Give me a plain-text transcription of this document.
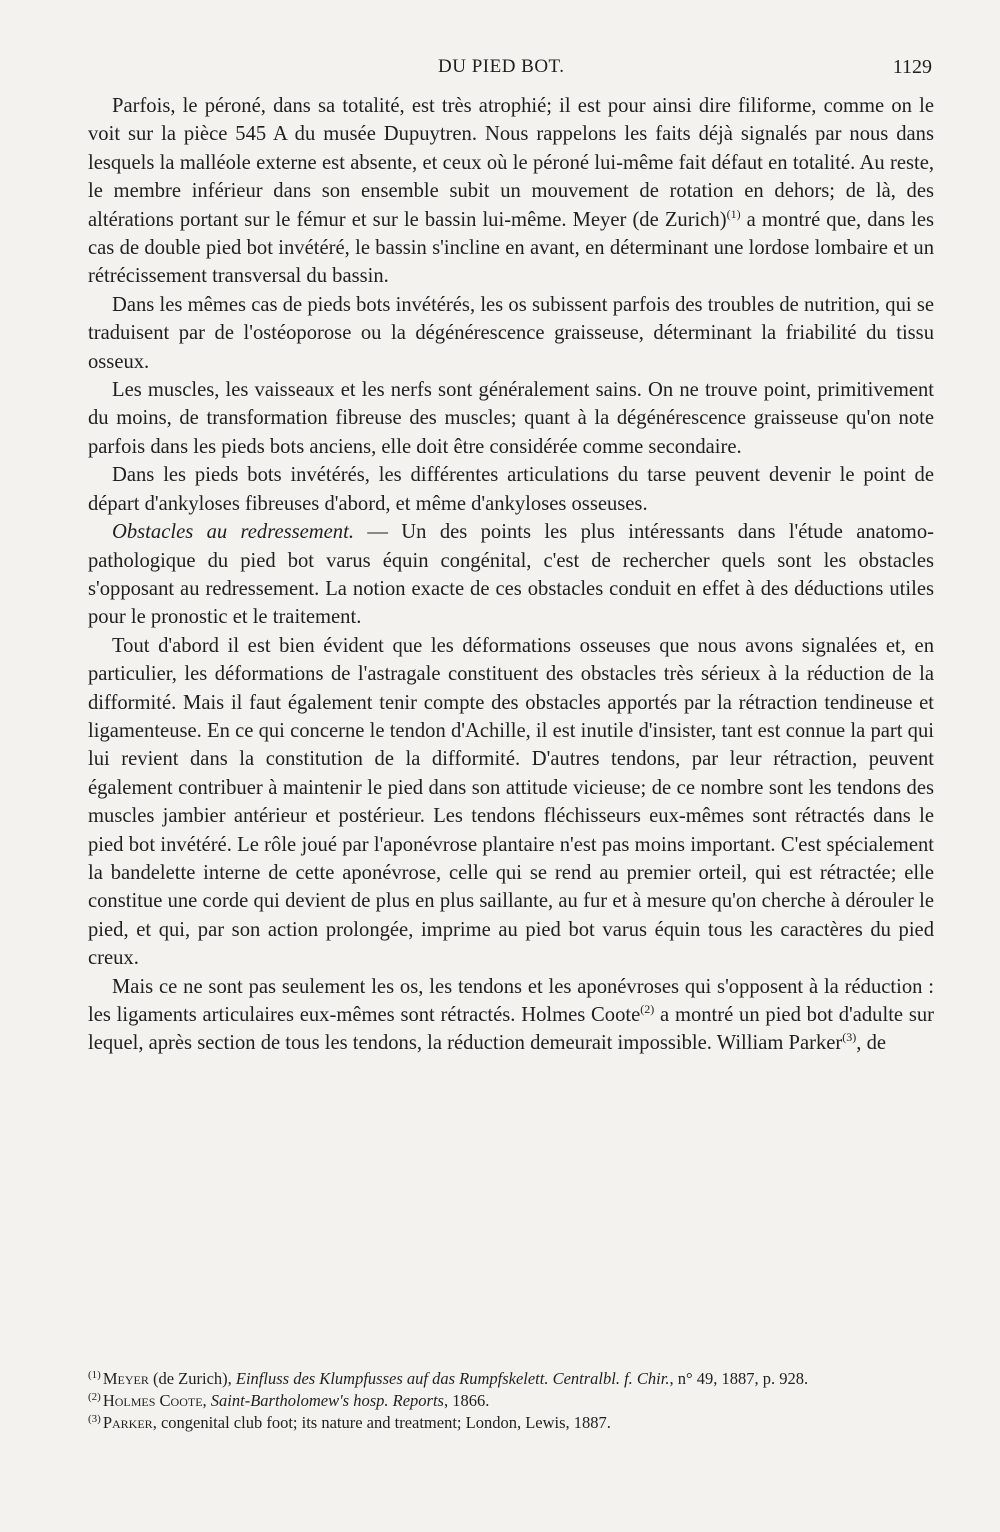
DU PIED BOT.	1129

Parfois, le péroné, dans sa totalité, est très atrophié; il est pour ainsi dire filiforme, comme on le voit sur la pièce 545 A du musée Dupuytren. Nous rappelons les faits déjà signalés par nous dans lesquels la malléole externe est absente, et ceux où le péroné lui-même fait défaut en totalité. Au reste, le membre inférieur dans son ensemble subit un mouvement de rotation en dehors; de là, des altérations portant sur le fémur et sur le bassin lui-même. Meyer (de Zurich)$^{(1)}$ a montré que, dans les cas de double pied bot invétéré, le bassin s'incline en avant, en déterminant une lordose lombaire et un rétrécissement transversal du bassin.

Dans les mêmes cas de pieds bots invétérés, les os subissent parfois des troubles de nutrition, qui se traduisent par de l'ostéoporose ou la dégénérescence graisseuse, déterminant la friabilité du tissu osseux.

Les muscles, les vaisseaux et les nerfs sont généralement sains. On ne trouve point, primitivement du moins, de transformation fibreuse des muscles; quant à la dégénérescence graisseuse qu'on note parfois dans les pieds bots anciens, elle doit être considérée comme secondaire.

Dans les pieds bots invétérés, les différentes articulations du tarse peuvent devenir le point de départ d'ankyloses fibreuses d'abord, et même d'ankyloses osseuses.

Obstacles au redressement. — Un des points les plus intéressants dans l'étude anatomo-pathologique du pied bot varus équin congénital, c'est de rechercher quels sont les obstacles s'opposant au redressement. La notion exacte de ces obstacles conduit en effet à des déductions utiles pour le pronostic et le traitement.

Tout d'abord il est bien évident que les déformations osseuses que nous avons signalées et, en particulier, les déformations de l'astragale constituent des obstacles très sérieux à la réduction de la difformité. Mais il faut également tenir compte des obstacles apportés par la rétraction tendineuse et ligamenteuse. En ce qui concerne le tendon d'Achille, il est inutile d'insister, tant est connue la part qui lui revient dans la constitution de la difformité. D'autres tendons, par leur rétraction, peuvent également contribuer à maintenir le pied dans son attitude vicieuse; de ce nombre sont les tendons des muscles jambier antérieur et postérieur. Les tendons fléchisseurs eux-mêmes sont rétractés dans le pied bot invétéré. Le rôle joué par l'aponévrose plantaire n'est pas moins important. C'est spécialement la bandelette interne de cette aponévrose, celle qui se rend au premier orteil, qui est rétractée; elle constitue une corde qui devient de plus en plus saillante, au fur et à mesure qu'on cherche à dérouler le pied, et qui, par son action prolongée, imprime au pied bot varus équin tous les caractères du pied creux.

Mais ce ne sont pas seulement les os, les tendons et les aponévroses qui s'opposent à la réduction : les ligaments articulaires eux-mêmes sont rétractés. Holmes Coote$^{(2)}$ a montré un pied bot d'adulte sur lequel, après section de tous les tendons, la réduction demeurait impossible. William Parker$^{(3)}$, de

$^{(1)}$ Meyer (de Zurich), Einfluss des Klumpfusses auf das Rumpfskelett. Centralbl. f. Chir., n° 49, 1887, p. 928.

$^{(2)}$ Holmes Coote, Saint-Bartholomew's hosp. Reports, 1866.

$^{(3)}$ Parker, congenital club foot; its nature and treatment; London, Lewis, 1887.
